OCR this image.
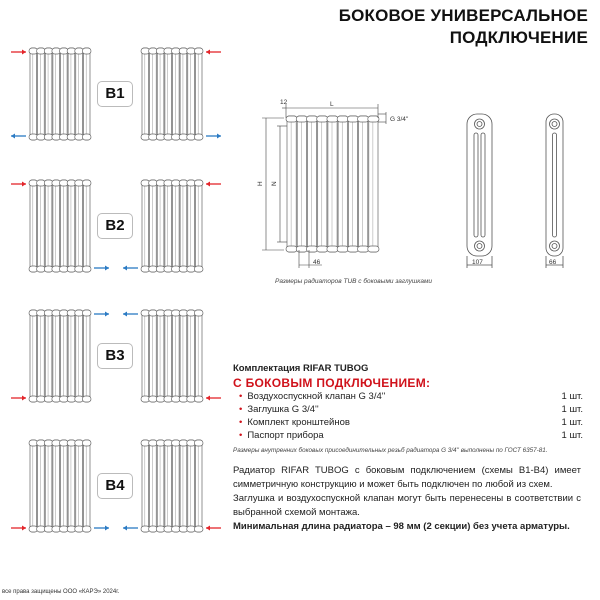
БОКОВОЕ УНИВЕРСАЛЬНОЕ
ПОДКЛЮЧЕНИЕ
B1
B2
B3
B4
12	L
G 3/4''
H N
46	107	66
Размеры радиаторов TUB с боковыми заглушками
Комплектация RIFAR TUBOG
С БОКОВЫМ ПОДКЛЮЧЕНИЕМ:
• Воздухоспускной клапан G 3/4''	1 шт.
• Заглушка G 3/4''	1 шт.
• Комплект кронштейнов	1 шт.
• Паспорт прибора	1 шт.
Размеры внутренних боковых присоединительных резьб радиатора G 3/4'' выполнены по ГОСТ 6357-81.

Радиатор RIFAR TUBOG с боковым подключением (схемы В1-В4) имеет симметричную конструкцию и может быть подключен по любой из схем.

Заглушка и воздухоспускной клапан могут быть перенесены в соответствии с выбранной схемой монтажа.

Минимальная длина радиатора – 98 мм (2 секции) без учета арматуры.

все права защищены ООО «КАРЭ» 2024г.
